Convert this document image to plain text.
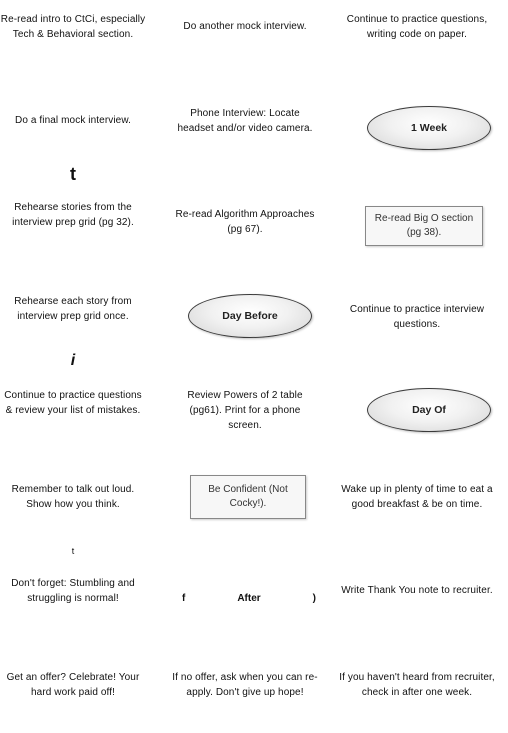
Re-read intro to CtCi, especially Tech & Behavioral section.
Do another mock interview.
Continue to practice questions, writing code on paper.
Do a final mock interview.
Phone Interview: Locate headset and/or video camera.	1 Week
t
Rehearse stories from the interview prep grid (pg 32).
Re-read Algorithm Approaches (pg 67).
Re-read Big O section (pg 38).
Rehearse each story from interview prep grid once.	Day Before
Continue to practice interview questions.
i
Continue to practice questions & review your list of mistakes.
Review Powers of 2 table (pg61). Print for a phone screen.
Day Of
Remember to talk out loud. Show how you think.
Be Confident (Not Cocky!).
Wake up in plenty of time to eat a good breakfast & be on time.
t
Don't forget: Stumbling and struggling is normal!	f	After	)
Write Thank You note to recruiter.
Get an offer? Celebrate! Your hard work paid off!
If no offer, ask when you can re-apply. Don't give up hope!
If you haven't heard from recruiter, check in after one week.
